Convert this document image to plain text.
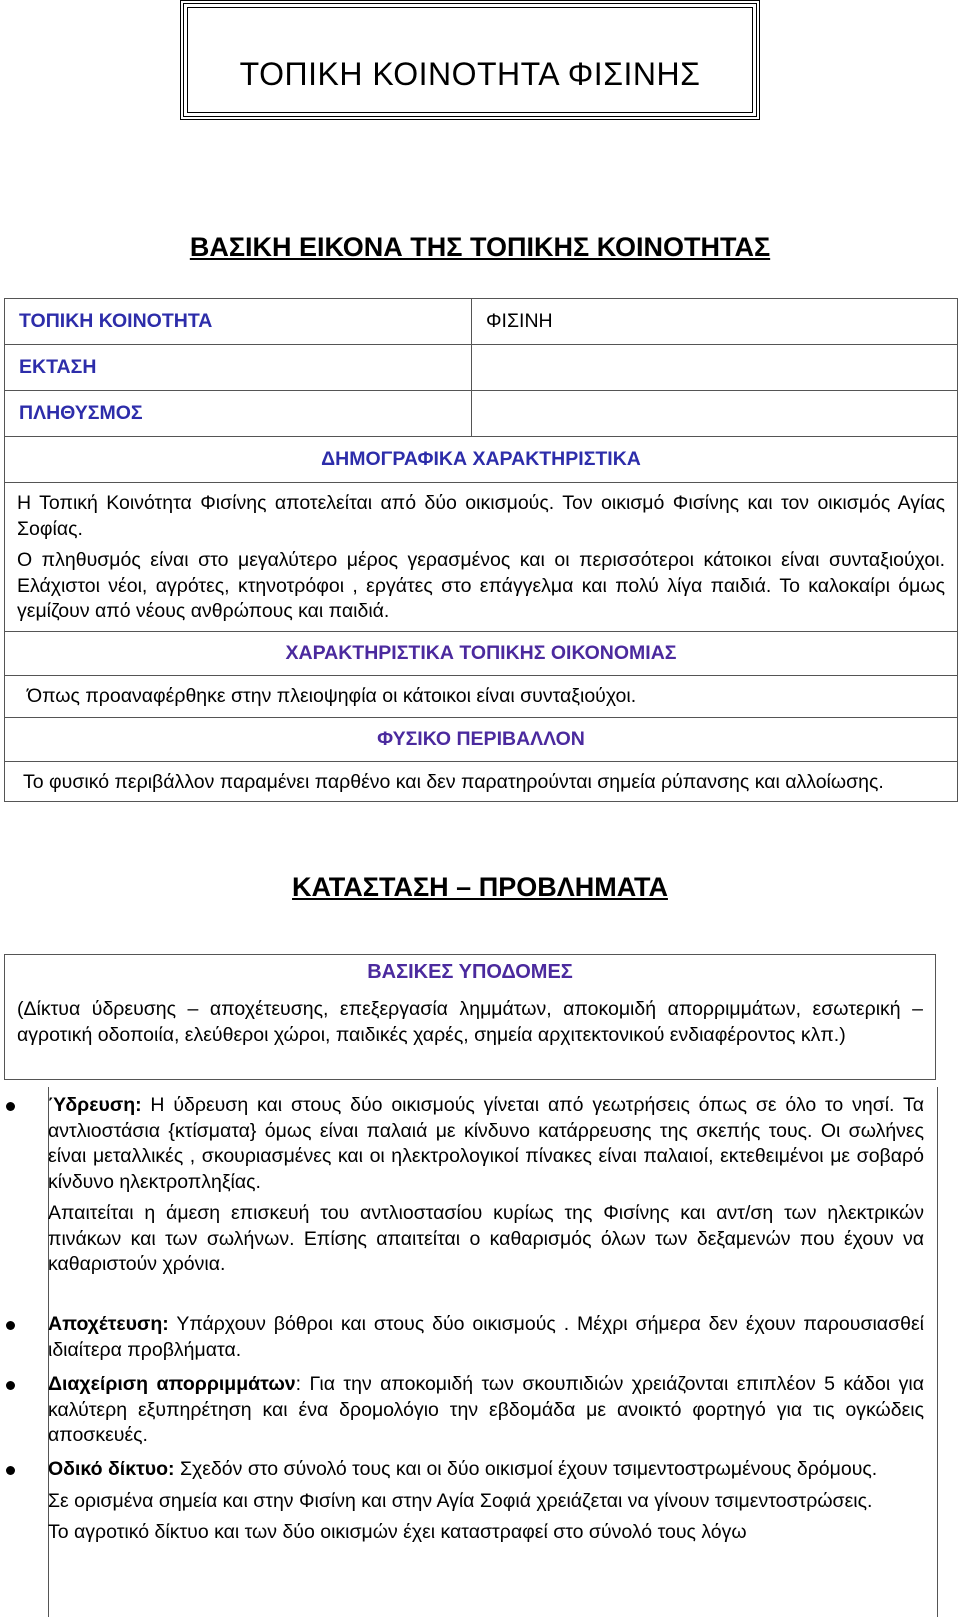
ΤΟΠΙΚΗ ΚΟΙΝΟΤΗΤΑ ΦΙΣΙΝΗΣ
ΒΑΣΙΚΗ ΕΙΚΟΝΑ ΤΗΣ ΤΟΠΙΚΗΣ ΚΟΙΝΟΤΗΤΑΣ
ΤΟΠΙΚΗ ΚΟΙΝΟΤΗΤΑ	ΦΙΣΙΝΗ
ΕΚΤΑΣΗ	
ΠΛΗΘΥΣΜΟΣ	
ΔΗΜΟΓΡΑΦΙΚΑ ΧΑΡΑΚΤΗΡΙΣΤΙΚΑ	

Η Τοπική Κοινότητα Φισίνης αποτελείται από δύο οικισμούς. Τον οικισμό Φισίνης και τον οικισμός Αγίας Σοφίας.
Ο πληθυσμός είναι στο μεγαλύτερο μέρος γερασμένος και οι περισσότεροι κάτοικοι είναι συνταξιούχοι. Ελάχιστοι νέοι, αγρότες, κτηνοτρόφοι , εργάτες στο επάγγελμα και πολύ λίγα παιδιά. Το καλοκαίρι όμως γεμίζουν από νέους ανθρώπους και παιδιά.	

ΧΑΡΑΚΤΗΡΙΣΤΙΚΑ ΤΟΠΙΚΗΣ ΟΙΚΟΝΟΜΙΑΣ	
Όπως προαναφέρθηκε στην πλειοψηφία οι κάτοικοι είναι συνταξιούχοι.	
ΦΥΣΙΚΟ ΠΕΡΙΒΑΛΛΟΝ	
Το φυσικό περιβάλλον παραμένει παρθένο και δεν παρατηρούνται σημεία ρύπανσης και αλλοίωσης.	
ΚΑΤΑΣΤΑΣΗ – ΠΡΟΒΛΗΜΑΤΑ
ΒΑΣΙΚΕΣ ΥΠΟΔΟΜΕΣ
(Δίκτυα ύδρευσης – αποχέτευσης, επεξεργασία λημμάτων, αποκομιδή απορριμμάτων, εσωτερική – αγροτική οδοποιία, ελεύθεροι χώροι, παιδικές χαρές, σημεία αρχιτεκτονικού ενδιαφέροντος κλπ.)
Ύδρευση: Η ύδρευση και στους δύο οικισμούς γίνεται από γεωτρήσεις όπως σε όλο το νησί. Τα αντλιοστάσια {κτίσματα} όμως είναι παλαιά με κίνδυνο κατάρρευσης της σκεπής τους. Οι σωλήνες είναι μεταλλικές , σκουριασμένες και οι ηλεκτρολογικοί πίνακες είναι παλαιοί, εκτεθειμένοι με σοβαρό κίνδυνο ηλεκτροπληξίας.
Απαιτείται η άμεση επισκευή του αντλιοστασίου κυρίως της Φισίνης και αντ/ση των ηλεκτρικών πινάκων και των σωλήνων. Επίσης απαιτείται ο καθαρισμός όλων των δεξαμενών που έχουν να καθαριστούν χρόνια.
Αποχέτευση: Υπάρχουν βόθροι και στους δύο οικισμούς . Μέχρι σήμερα δεν έχουν παρουσιασθεί ιδιαίτερα προβλήματα.
Διαχείριση απορριμμάτων: Για την αποκομιδή των σκουπιδιών χρειάζονται επιπλέον 5 κάδοι για καλύτερη εξυπηρέτηση και ένα δρομολόγιο την εβδομάδα με ανοικτό φορτηγό για τις ογκώδεις αποσκευές.
Οδικό δίκτυο: Σχεδόν στο σύνολό τους και οι δύο οικισμοί έχουν τσιμεντοστρωμένους δρόμους.
Σε ορισμένα σημεία και στην Φισίνη και στην Αγία Σοφιά χρειάζεται να γίνουν τσιμεντοστρώσεις.
Το αγροτικό δίκτυο και των δύο οικισμών έχει καταστραφεί στο σύνολό τους λόγω
